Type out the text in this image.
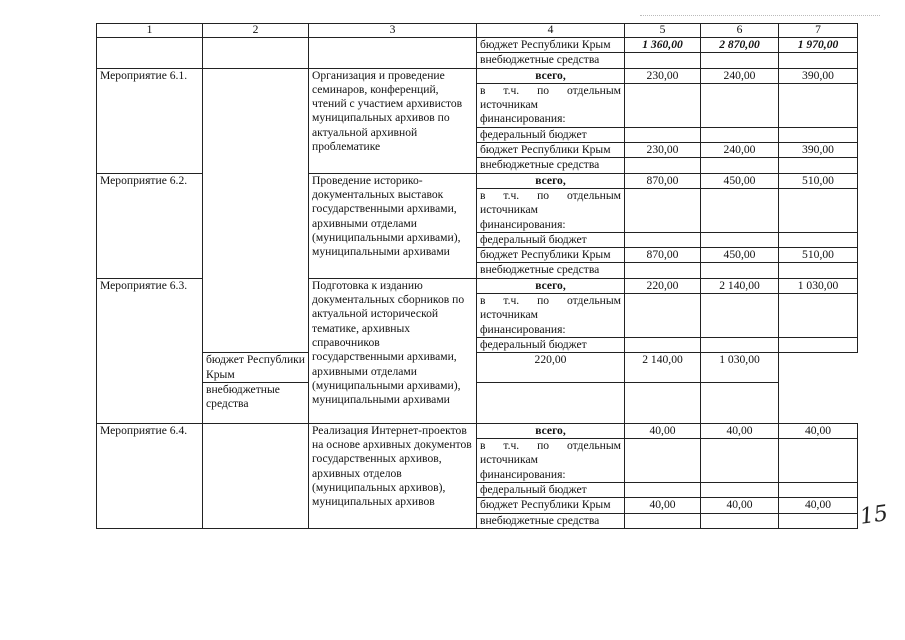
1	2	3	4	5	6	7
			бюджет Республики Крым	1 360,00	2 870,00	1 970,00
			внебюджетные средства			
Мероприятие 6.1.		Организация и проведение семинаров, конференций, чтений с участием архивистов муниципальных архивов по актуальной архивной проблематике	всего,	230,00	240,00	390,00
			в т.ч. по отдельным источникам финансирования:			
			федеральный бюджет			
			бюджет Республики Крым	230,00	240,00	390,00
			внебюджетные средства			
Мероприятие 6.2.		Проведение историко-документальных выставок государственными архивами, архивными отделами (муниципальными архивами), муниципальными архивами	всего,	870,00	450,00	510,00
			в т.ч. по отдельным источникам финансирования:			
			федеральный бюджет			
			бюджет Республики Крым	870,00	450,00	510,00
			внебюджетные средства			
Мероприятие 6.3.		Подготовка к изданию документальных сборников по актуальной исторической тематике, архивных справочников государственными архивами, архивными отделами (муниципальными архивами), муниципальными архивами	всего,	220,00	2 140,00	1 030,00
			в т.ч. по отдельным источникам финансирования:			
			федеральный бюджет			
	бюджет Республики Крым		220,00	2 140,00	1 030,00	
	внебюджетные средства					
Мероприятие 6.4.		Реализация Интернет-проектов на основе архивных документов государственных архивов, архивных отделов (муниципальных архивов), муниципальных архивов	всего,	40,00	40,00	40,00
			в т.ч. по отдельным источникам финансирования:			
			федеральный бюджет			
			бюджет Республики Крым	40,00	40,00	40,00
			внебюджетные средства				15
